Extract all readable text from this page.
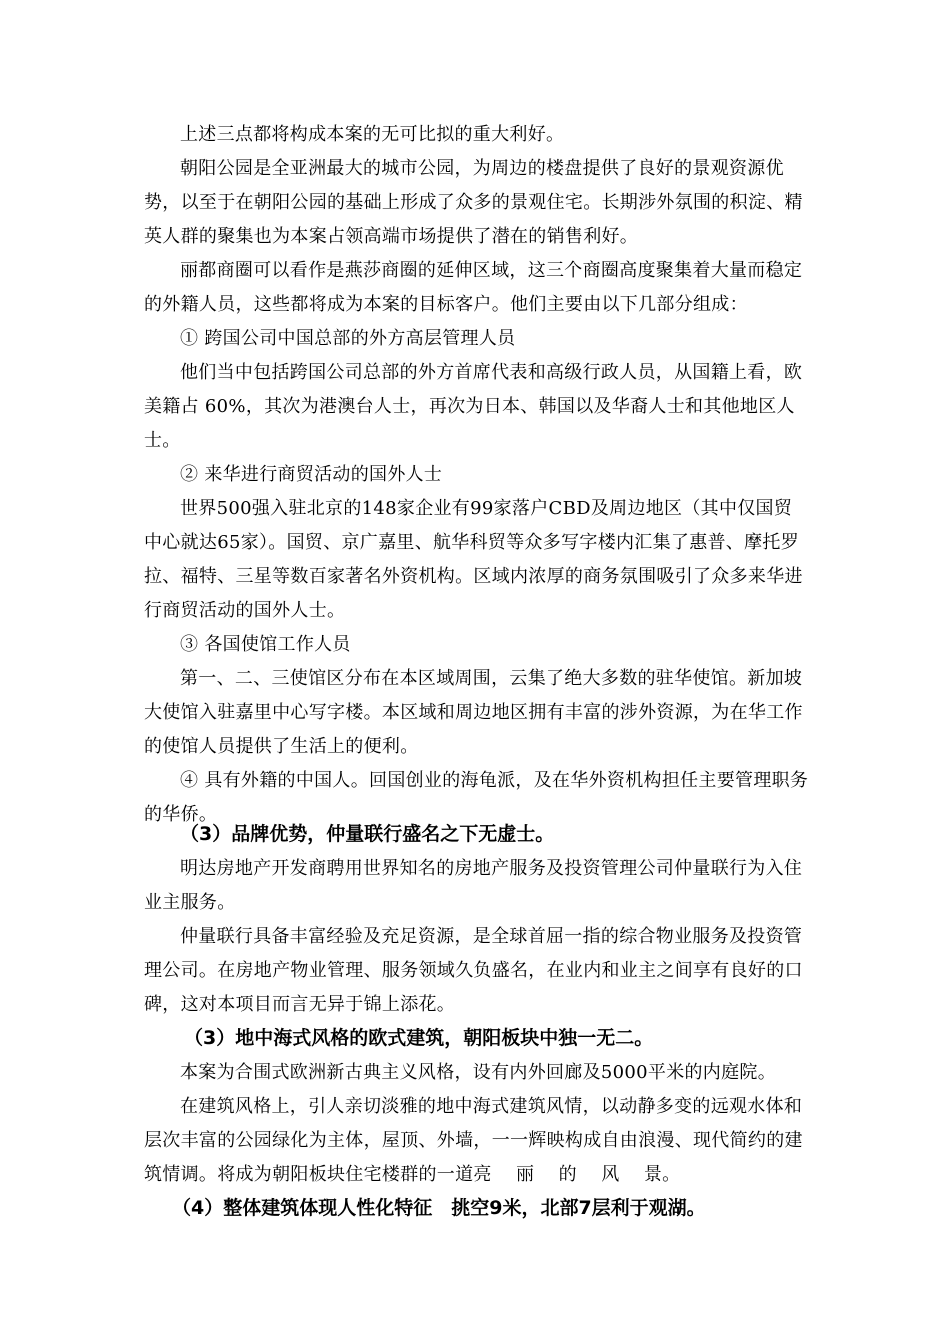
上述三点都将构成本案的无可比拟的重大利好。

朝阳公园是全亚洲最大的城市公园，为周边的楼盘提供了良好的景观资源优势，以至于在朝阳公园的基础上形成了众多的景观住宅。长期涉外氛围的积淀、精英人群的聚集也为本案占领高端市场提供了潜在的销售利好。

丽都商圈可以看作是燕莎商圈的延伸区域，这三个商圈高度聚集着大量而稳定的外籍人员，这些都将成为本案的目标客户。他们主要由以下几部分组成：

① 跨国公司中国总部的外方高层管理人员

他们当中包括跨国公司总部的外方首席代表和高级行政人员，从国籍上看，欧美籍占 60%，其次为港澳台人士，再次为日本、韩国以及华裔人士和其他地区人士。

② 来华进行商贸活动的国外人士

世界500强入驻北京的148家企业有99家落户CBD及周边地区（其中仅国贸中心就达65家）。国贸、京广嘉里、航华科贸等众多写字楼内汇集了惠普、摩托罗拉、福特、三星等数百家著名外资机构。区域内浓厚的商务氛围吸引了众多来华进行商贸活动的国外人士。

③ 各国使馆工作人员

第一、二、三使馆区分布在本区域周围，云集了绝大多数的驻华使馆。新加坡大使馆入驻嘉里中心写字楼。本区域和周边地区拥有丰富的涉外资源，为在华工作的使馆人员提供了生活上的便利。

④ 具有外籍的中国人。回国创业的海龟派，及在华外资机构担任主要管理职务的华侨。

（3）品牌优势，仲量联行盛名之下无虚士。

明达房地产开发商聘用世界知名的房地产服务及投资管理公司仲量联行为入住业主服务。

仲量联行具备丰富经验及充足资源，是全球首屈一指的综合物业服务及投资管理公司。在房地产物业管理、服务领域久负盛名，在业内和业主之间享有良好的口碑，这对本项目而言无异于锦上添花。

（3）地中海式风格的欧式建筑，朝阳板块中独一无二。

本案为合围式欧洲新古典主义风格，设有内外回廊及5000平米的内庭院。

在建筑风格上，引人亲切淡雅的地中海式建筑风情，以动静多变的远观水体和层次丰富的公园绿化为主体，屋顶、外墙，一一辉映构成自由浪漫、现代简约的建筑情调。将成为朝阳板块住宅楼群的一道亮　 丽　 的　 风　 景。

（4）整体建筑体现人性化特征　挑空9米，北部7层利于观湖。
